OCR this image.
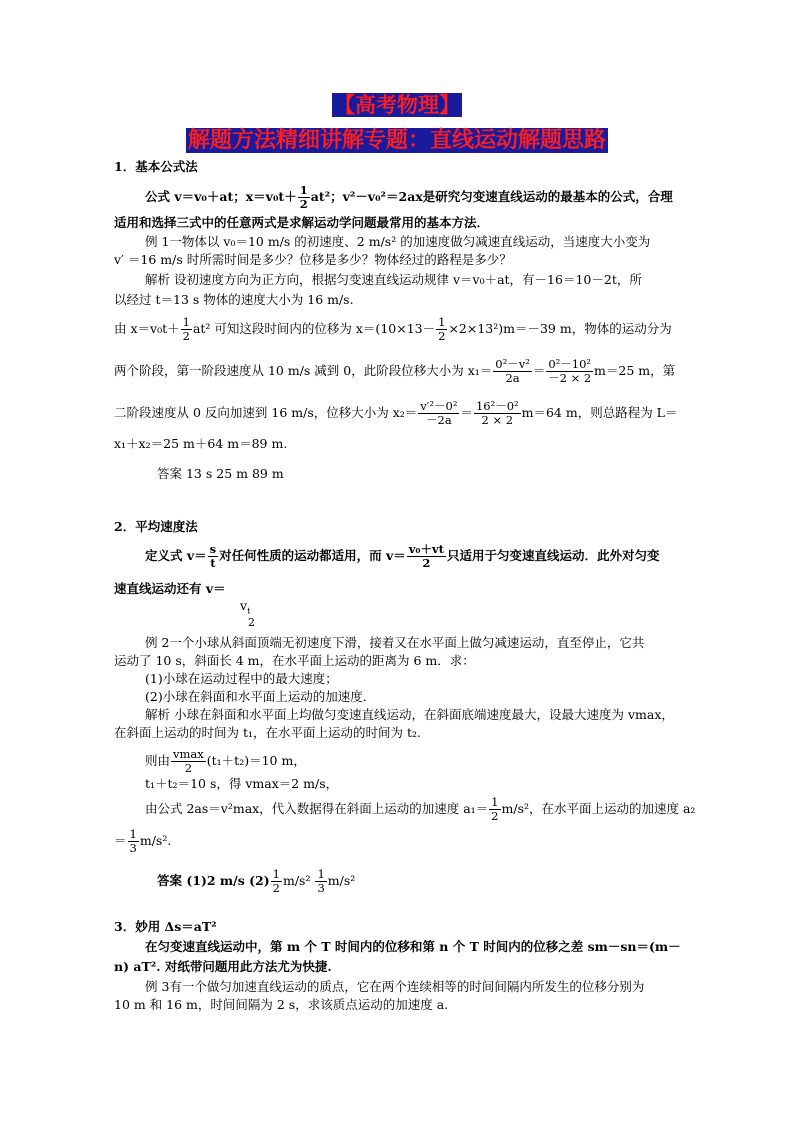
【高考物理】
解题方法精细讲解专题：直线运动解题思路
1．基本公式法
公式 v＝v₀＋at；$x=v_0t+ \frac{1}{2} at^2$；v²－v₀²＝2ax是研究匀变速直线运动的最基本的公式，合理
适用和选择三式中的任意两式是求解运动学问题最常用的基本方法．
例 1一物体以 v₀＝10 m/s 的初速度、2 m/s² 的加速度做匀减速直线运动，当速度大小变为
v′ ＝16 m/s 时所需时间是多少？位移是多少？物体经过的路程是多少？
解析 设初速度方向为正方向，根据匀变速直线运动规律 v＝v₀＋at，有－16＝10－2t，所
以经过 t＝13 s 物体的速度大小为 16 m/s.
由 $x=v_0t+ \frac{1}{2} at^2$ 可知这段时间内的位移为 $x=(10\times 13- \frac{1}{2} \times 2\times 13^2)m=-39$ m，物体的运动分为
两个阶段，第一阶段速度从 10 m/s 减到 0，此阶段位移大小为 $x_1= \frac{\text{0²－v²}}{2a} = \frac{\text{0²－10²}}{-2 \times 2} m=25$ m，第
二阶段速度从 0 反向加速到 16 m/s，位移大小为 $x_2= \frac{\text{v′²－0²}}{-2a} = \frac{\text{16²－0²}}{2 \times 2} m=64$ m，则总路程为 L＝
x₁＋x₂＝25 m＋64 m＝89 m.
答案 13 s 25 m 89 m
2．平均速度法
定义式 $v= \frac{s}{t}$ 对任何性质的运动都适用，而 $v= \frac{\text{v₀＋vt}}{2}$ 只适用于匀变速直线运动．此外对匀变
速直线运动还有 v＝
$v_t$
2
例 2一个小球从斜面顶端无初速度下滑，接着又在水平面上做匀减速运动，直至停止，它共
运动了 10 s，斜面长 4 m，在水平面上运动的距离为 6 m．求：
(1)小球在运动过程中的最大速度；
(2)小球在斜面和水平面上运动的加速度．
解析 小球在斜面和水平面上均做匀变速直线运动，在斜面底端速度最大，设最大速度为 vmax，
在斜面上运动的时间为 t₁，在水平面上运动的时间为 t₂.
则由 $\frac{vmax}{2} (t_1+t_2)=10$ m，
t₁＋t₂＝10 s，得 vmax＝2 m/s，
由公式 2as＝v²max，代入数据得在斜面上运动的加速度 $a_1= \frac{1}{2} m/s^2$，在水平面上运动的加速度 a₂
＝ $\frac{1}{3} m/s^2$.
答案 (1)2 m/s $(2) \frac{1}{2} m/s^2 \frac{1}{3} m/s^2$
3．妙用 Δs＝aT²
在匀变速直线运动中，第 m 个 T 时间内的位移和第 n 个 T 时间内的位移之差 sm－sn＝(m－
n) aT². 对纸带问题用此方法尤为快捷.
例 3有一个做匀加速直线运动的质点，它在两个连续相等的时间间隔内所发生的位移分别为
10 m 和 16 m，时间间隔为 2 s，求该质点运动的加速度 a.
